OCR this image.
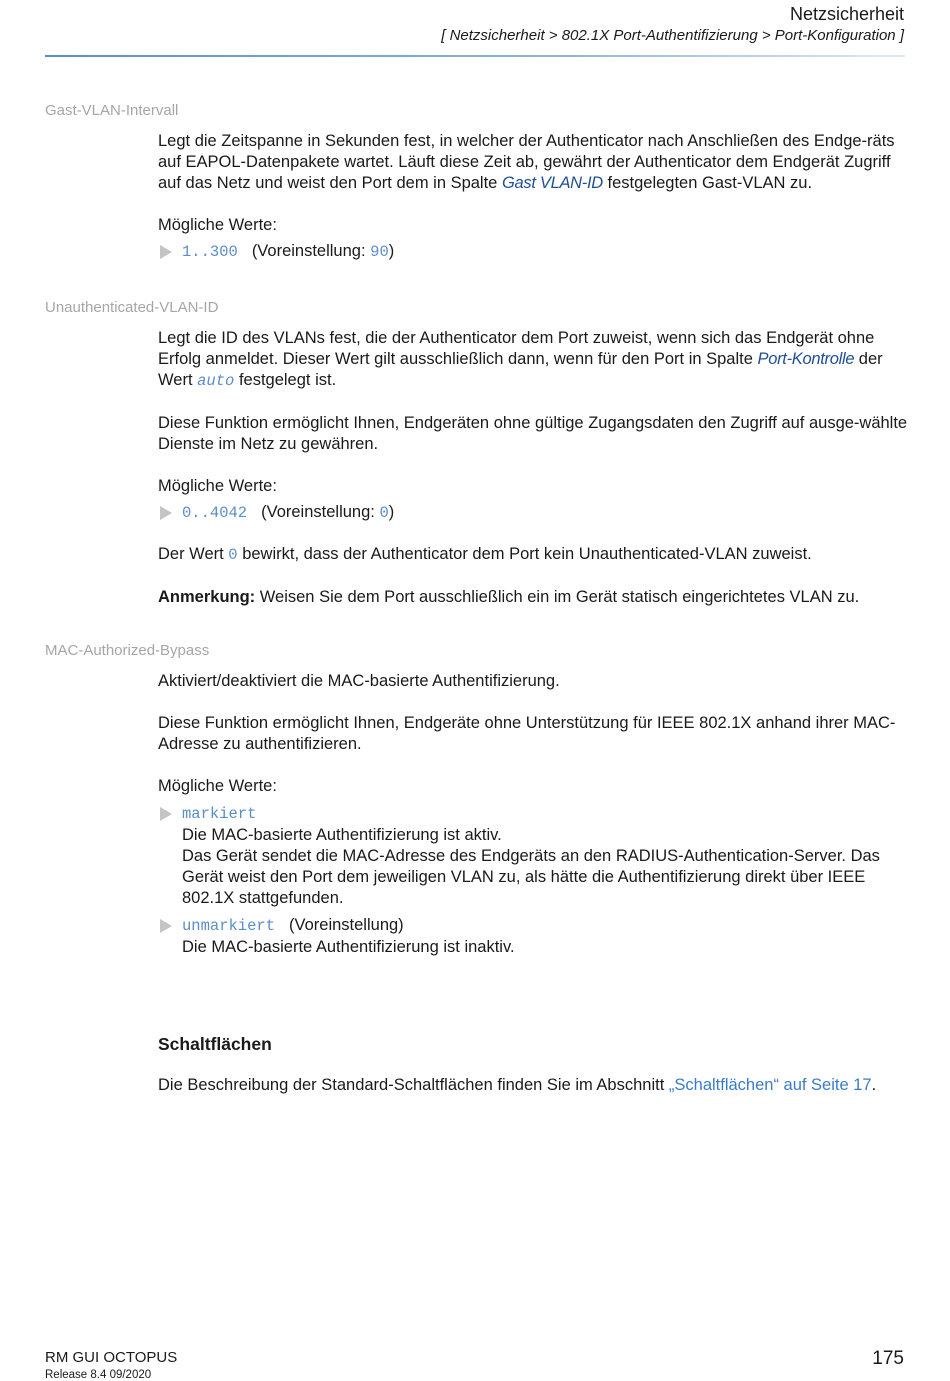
Netzsicherheit
[ Netzsicherheit > 802.1X Port-Authentifizierung > Port-Konfiguration ]
Gast-VLAN-Intervall

Legt die Zeitspanne in Sekunden fest, in welcher der Authenticator nach Anschließen des Endge-räts auf EAPOL-Datenpakete wartet. Läuft diese Zeit ab, gewährt der Authenticator dem Endgerät Zugriff auf das Netz und weist den Port dem in Spalte Gast VLAN-ID festgelegten Gast-VLAN zu.

Mögliche Werte:

1..300 (Voreinstellung: 90)
Unauthenticated-VLAN-ID

Legt die ID des VLANs fest, die der Authenticator dem Port zuweist, wenn sich das Endgerät ohne Erfolg anmeldet. Dieser Wert gilt ausschließlich dann, wenn für den Port in Spalte Port-Kontrolle der Wert auto festgelegt ist.

Diese Funktion ermöglicht Ihnen, Endgeräten ohne gültige Zugangsdaten den Zugriff auf ausge-wählte Dienste im Netz zu gewähren.

Mögliche Werte:

0..4042 (Voreinstellung: 0)

Der Wert 0 bewirkt, dass der Authenticator dem Port kein Unauthenticated-VLAN zuweist.

Anmerkung: Weisen Sie dem Port ausschließlich ein im Gerät statisch eingerichtetes VLAN zu.

MAC-Authorized-Bypass

Aktiviert/deaktiviert die MAC-basierte Authentifizierung.

Diese Funktion ermöglicht Ihnen, Endgeräte ohne Unterstützung für IEEE 802.1X anhand ihrer MAC-Adresse zu authentifizieren.

Mögliche Werte:

markiert
Die MAC-basierte Authentifizierung ist aktiv.
Das Gerät sendet die MAC-Adresse des Endgeräts an den RADIUS-Authentication-Server. Das Gerät weist den Port dem jeweiligen VLAN zu, als hätte die Authentifizierung direkt über IEEE 802.1X stattgefunden.
unmarkiert (Voreinstellung)
Die MAC-basierte Authentifizierung ist inaktiv.
Schaltflächen

Die Beschreibung der Standard-Schaltflächen finden Sie im Abschnitt „Schaltflächen“ auf Seite 17.

RM GUI OCTOPUS
Release 8.4 09/2020
175
